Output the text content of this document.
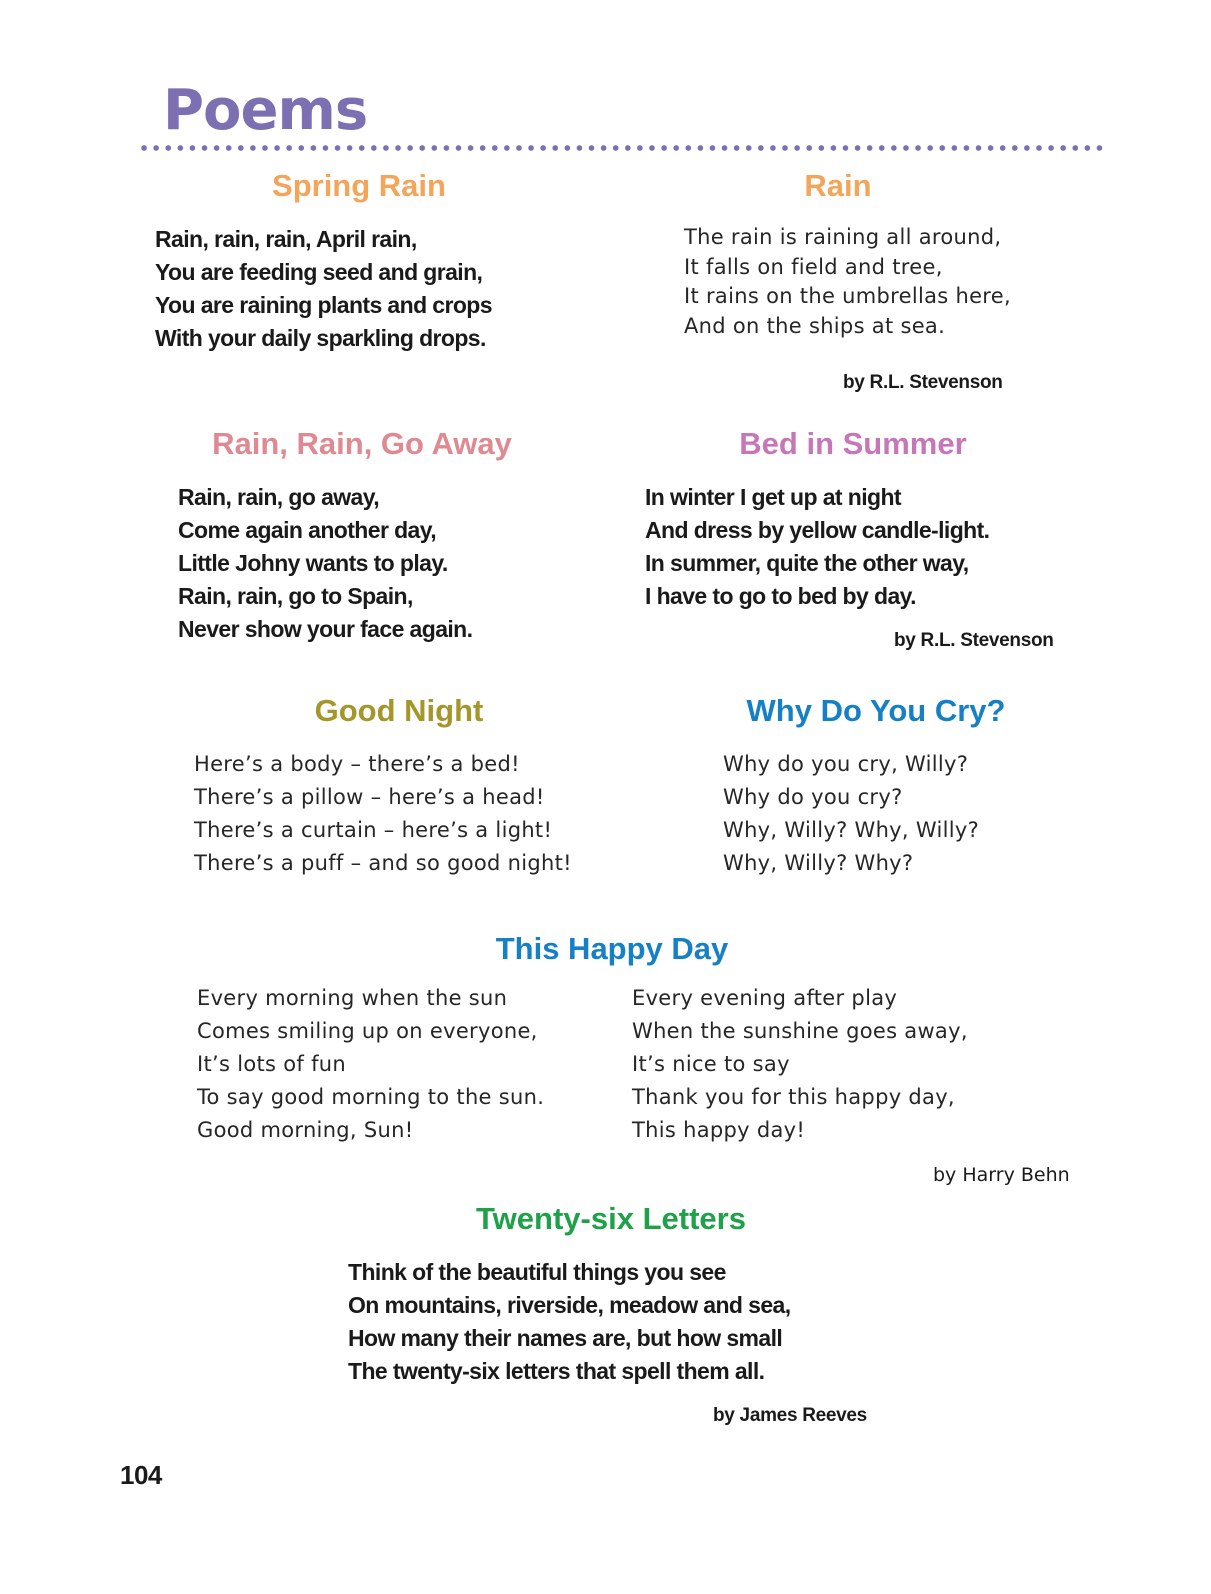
Poems
Spring Rain
Rain, rain, rain, April rain,
You are feeding seed and grain,
You are raining plants and crops
With your daily sparkling drops.
Rain
The rain is raining all around,
It falls on field and tree,
It rains on the umbrellas here,
And on the ships at sea.
by R.L. Stevenson
Rain, Rain, Go Away
Rain, rain, go away,
Come again another day,
Little Johny wants to play.
Rain, rain, go to Spain,
Never show your face again.
Bed in Summer
In winter I get up at night
And dress by yellow candle-light.
In summer, quite the other way,
I have to go to bed by day.
by R.L. Stevenson
Good Night
Here’s a body – there’s a bed!
There’s a pillow – here’s a head!
There’s a curtain – here’s a light!
There’s a puff – and so good night!
Why Do You Cry?
Why do you cry, Willy?
Why do you cry?
Why, Willy? Why, Willy?
Why, Willy? Why?
This Happy Day
Every morning when the sun
Comes smiling up on everyone,
It’s lots of fun
To say good morning to the sun.
Good morning, Sun!
Every evening after play
When the sunshine goes away,
It’s nice to say
Thank you for this happy day,
This happy day!
by Harry Behn
Twenty-six Letters
Think of the beautiful things you see
On mountains, riverside, meadow and sea,
How many their names are, but how small
The twenty-six letters that spell them all.
by James Reeves
104
